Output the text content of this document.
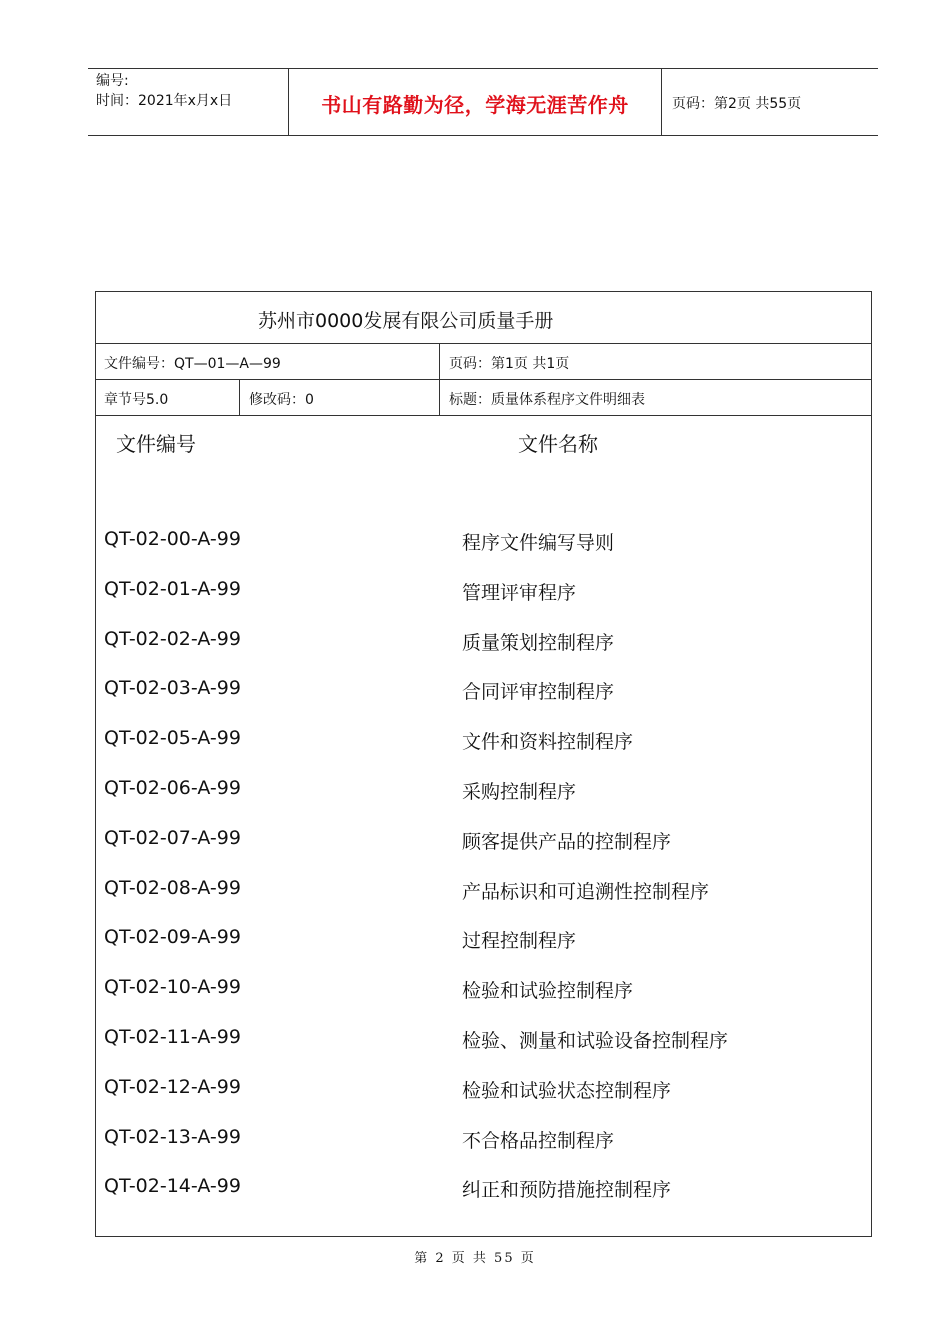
编号:
时间：2021年x月x日	书山有路勤为径，学海无涯苦作舟	页码：第2页 共55页
苏州市0000发展有限公司质量手册
文件编号：QT—01—A—99	页码：第1页 共1页
章节号5.0	修改码：0	标题：质量体系程序文件明细表
文件编号	文件名称
QT-02-00-A-99	程序文件编写导则
QT-02-01-A-99	管理评审程序
QT-02-02-A-99	质量策划控制程序
QT-02-03-A-99	合同评审控制程序
QT-02-05-A-99	文件和资料控制程序
QT-02-06-A-99	采购控制程序
QT-02-07-A-99	顾客提供产品的控制程序
QT-02-08-A-99	产品标识和可追溯性控制程序
QT-02-09-A-99	过程控制程序
QT-02-10-A-99	检验和试验控制程序
QT-02-11-A-99	检验、测量和试验设备控制程序
QT-02-12-A-99	检验和试验状态控制程序
QT-02-13-A-99	不合格品控制程序
QT-02-14-A-99	纠正和预防措施控制程序
第 2 页 共 55 页
